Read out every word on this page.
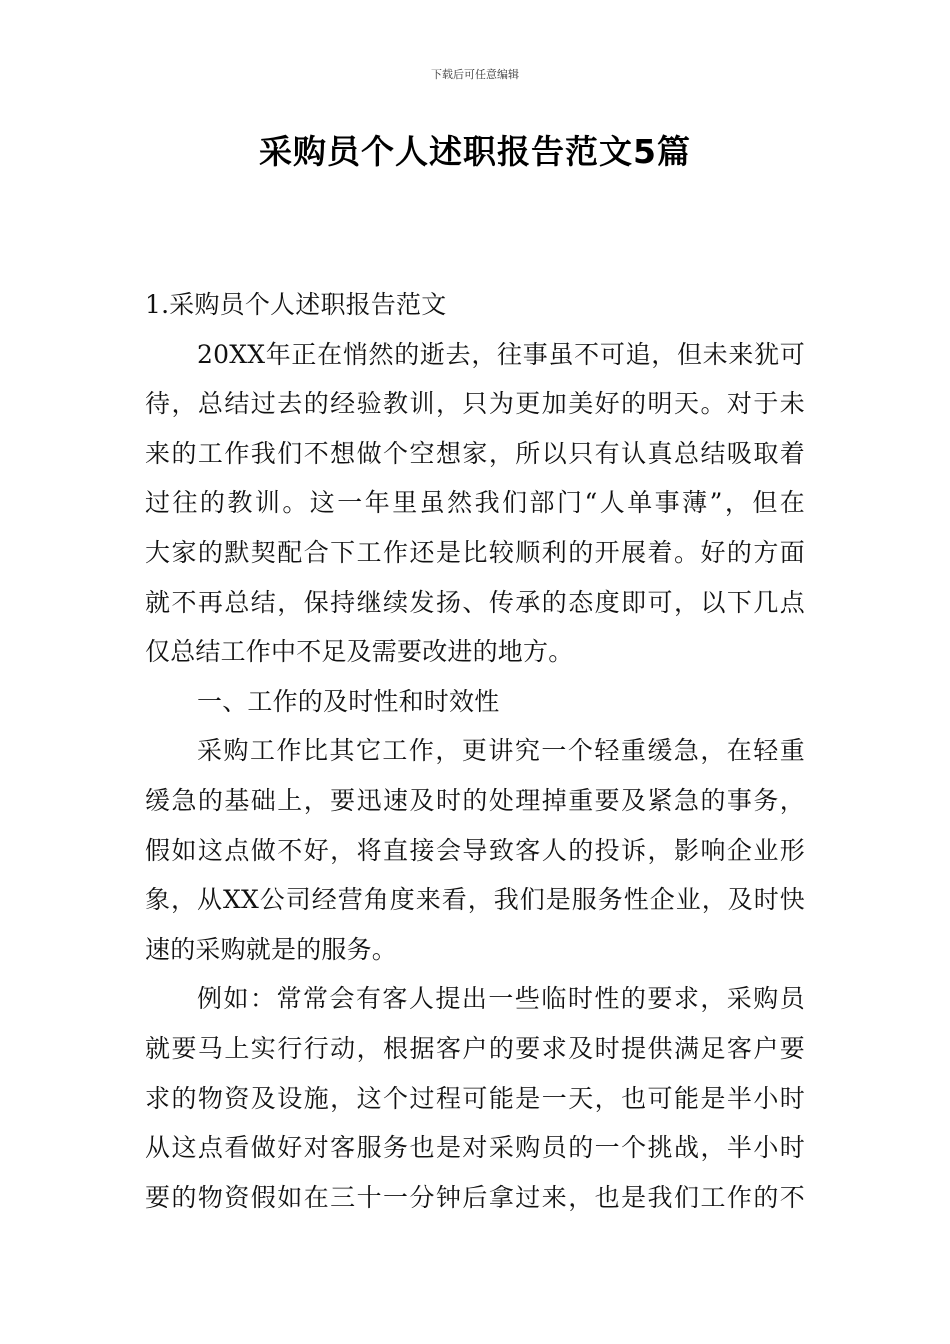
下载后可任意编辑
采购员个人述职报告范文5篇
1.采购员个人述职报告范文
20XX年正在悄然的逝去，往事虽不可追，但未来犹可
待，总结过去的经验教训，只为更加美好的明天。对于未
来的工作我们不想做个空想家，所以只有认真总结吸取着
过往的教训。这一年里虽然我们部门“人单事薄”，但在
大家的默契配合下工作还是比较顺利的开展着。好的方面
就不再总结，保持继续发扬、传承的态度即可，以下几点
仅总结工作中不足及需要改进的地方。
一、工作的及时性和时效性
采购工作比其它工作，更讲究一个轻重缓急，在轻重
缓急的基础上，要迅速及时的处理掉重要及紧急的事务，
假如这点做不好，将直接会导致客人的投诉，影响企业形
象，从XX公司经营角度来看，我们是服务性企业，及时快
速的采购就是的服务。
例如：常常会有客人提出一些临时性的要求，采购员
就要马上实行行动，根据客户的要求及时提供满足客户要
求的物资及设施，这个过程可能是一天，也可能是半小时
从这点看做好对客服务也是对采购员的一个挑战，半小时
要的物资假如在三十一分钟后拿过来，也是我们工作的不
